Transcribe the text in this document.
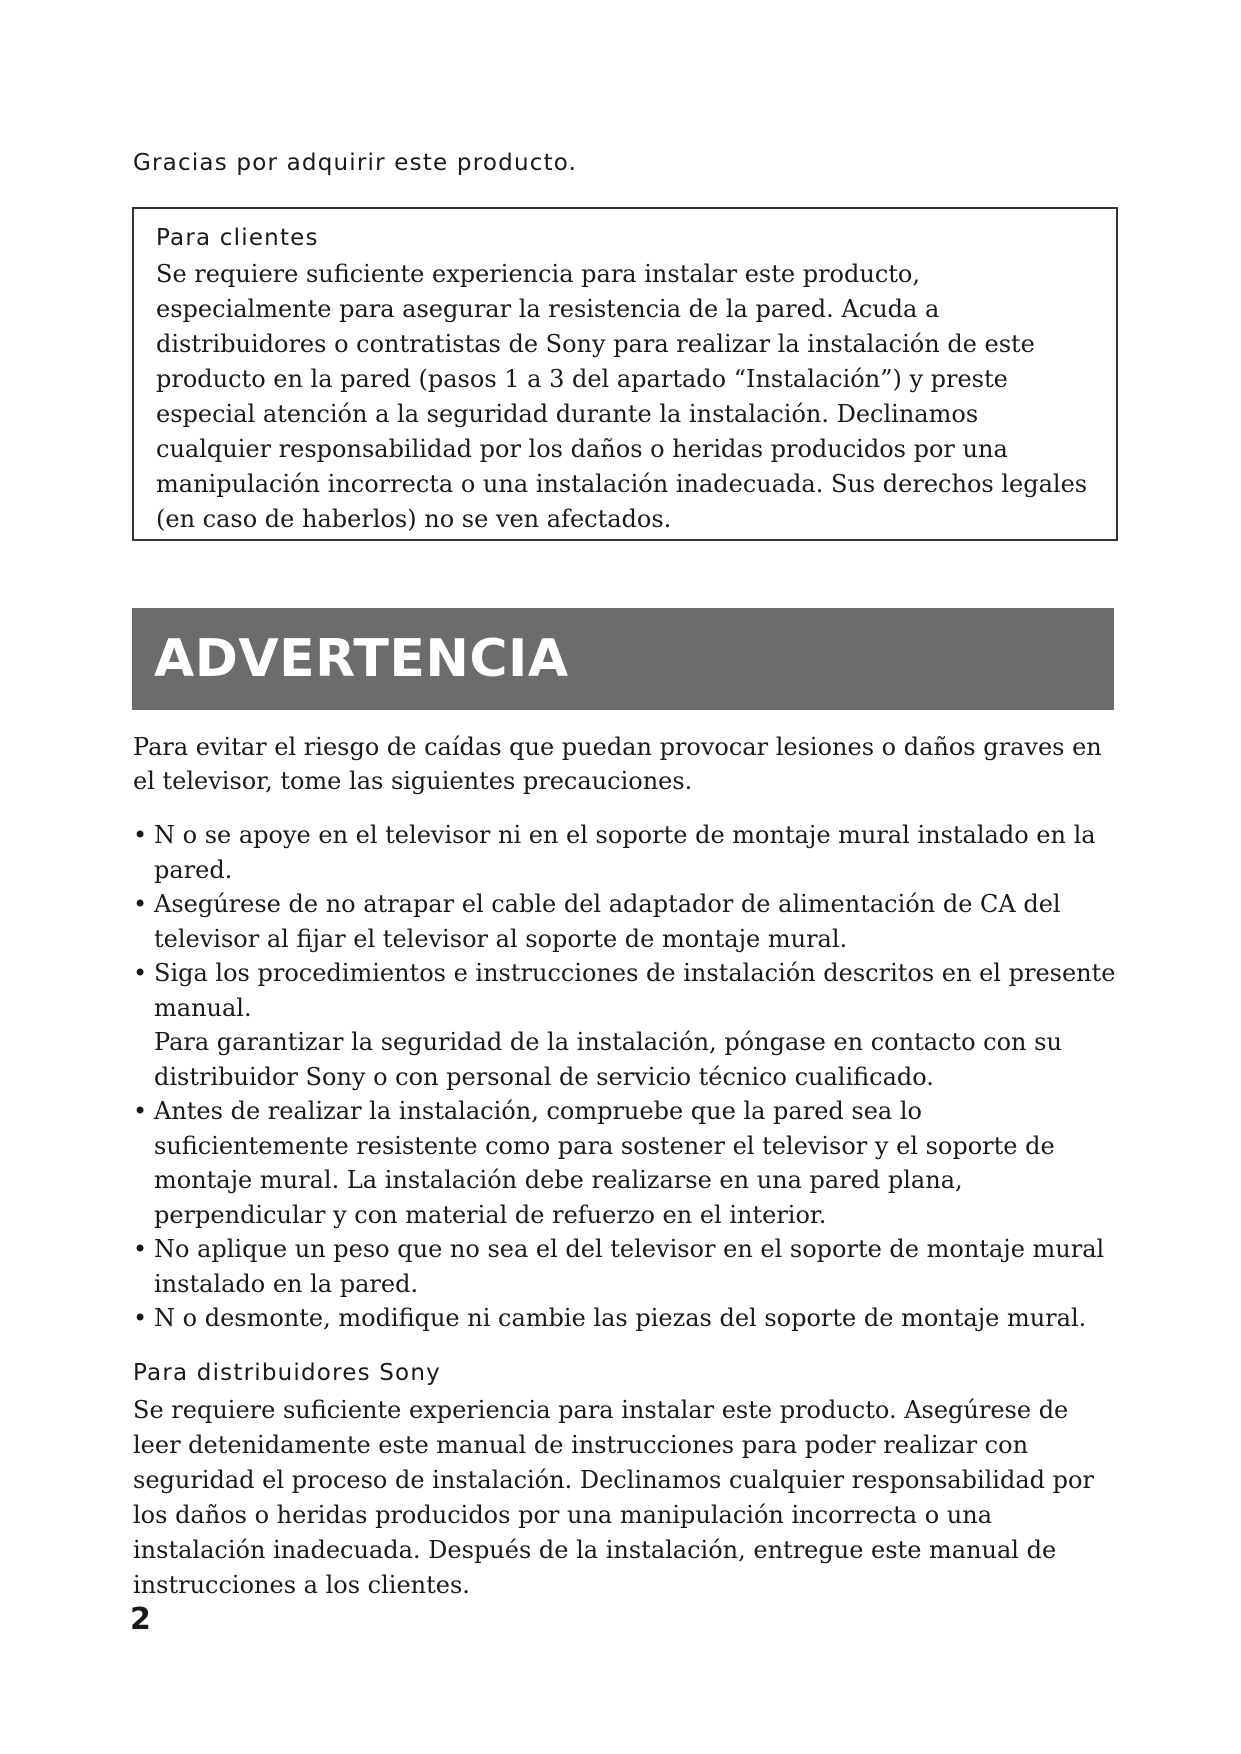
Gracias por adquirir este producto.

Para clientes

Se requiere suficiente experiencia para instalar este producto, especialmente para asegurar la resistencia de la pared. Acuda a distribuidores o contratistas de Sony para realizar la instalación de este producto en la pared (pasos 1 a 3 del apartado “Instalación”) y preste especial atención a la seguridad durante la instalación. Declinamos cualquier responsabilidad por los daños o heridas producidos por una manipulación incorrecta o una instalación inadecuada. Sus derechos legales (en caso de haberlos) no se ven afectados.

ADVERTENCIA

Para evitar el riesgo de caídas que puedan provocar lesiones o daños graves en el televisor, tome las siguientes precauciones.

• N o se apoye en el televisor ni en el soporte de montaje mural instalado en la pared.

• Asegúrese de no atrapar el cable del adaptador de alimentación de CA del televisor al fijar el televisor al soporte de montaje mural.

• Siga los procedimientos e instrucciones de instalación descritos en el presente manual.

Para garantizar la seguridad de la instalación, póngase en contacto con su distribuidor Sony o con personal de servicio técnico cualificado.

• Antes de realizar la instalación, compruebe que la pared sea lo suficientemente resistente como para sostener el televisor y el soporte de montaje mural. La instalación debe realizarse en una pared plana, perpendicular y con material de refuerzo en el interior.

• No aplique un peso que no sea el del televisor en el soporte de montaje mural instalado en la pared.

• N o desmonte, modifique ni cambie las piezas del soporte de montaje mural.

Para distribuidores Sony

Se requiere suficiente experiencia para instalar este producto. Asegúrese de leer detenidamente este manual de instrucciones para poder realizar con seguridad el proceso de instalación. Declinamos cualquier responsabilidad por los daños o heridas producidos por una manipulación incorrecta o una instalación inadecuada. Después de la instalación, entregue este manual de instrucciones a los clientes.

2
